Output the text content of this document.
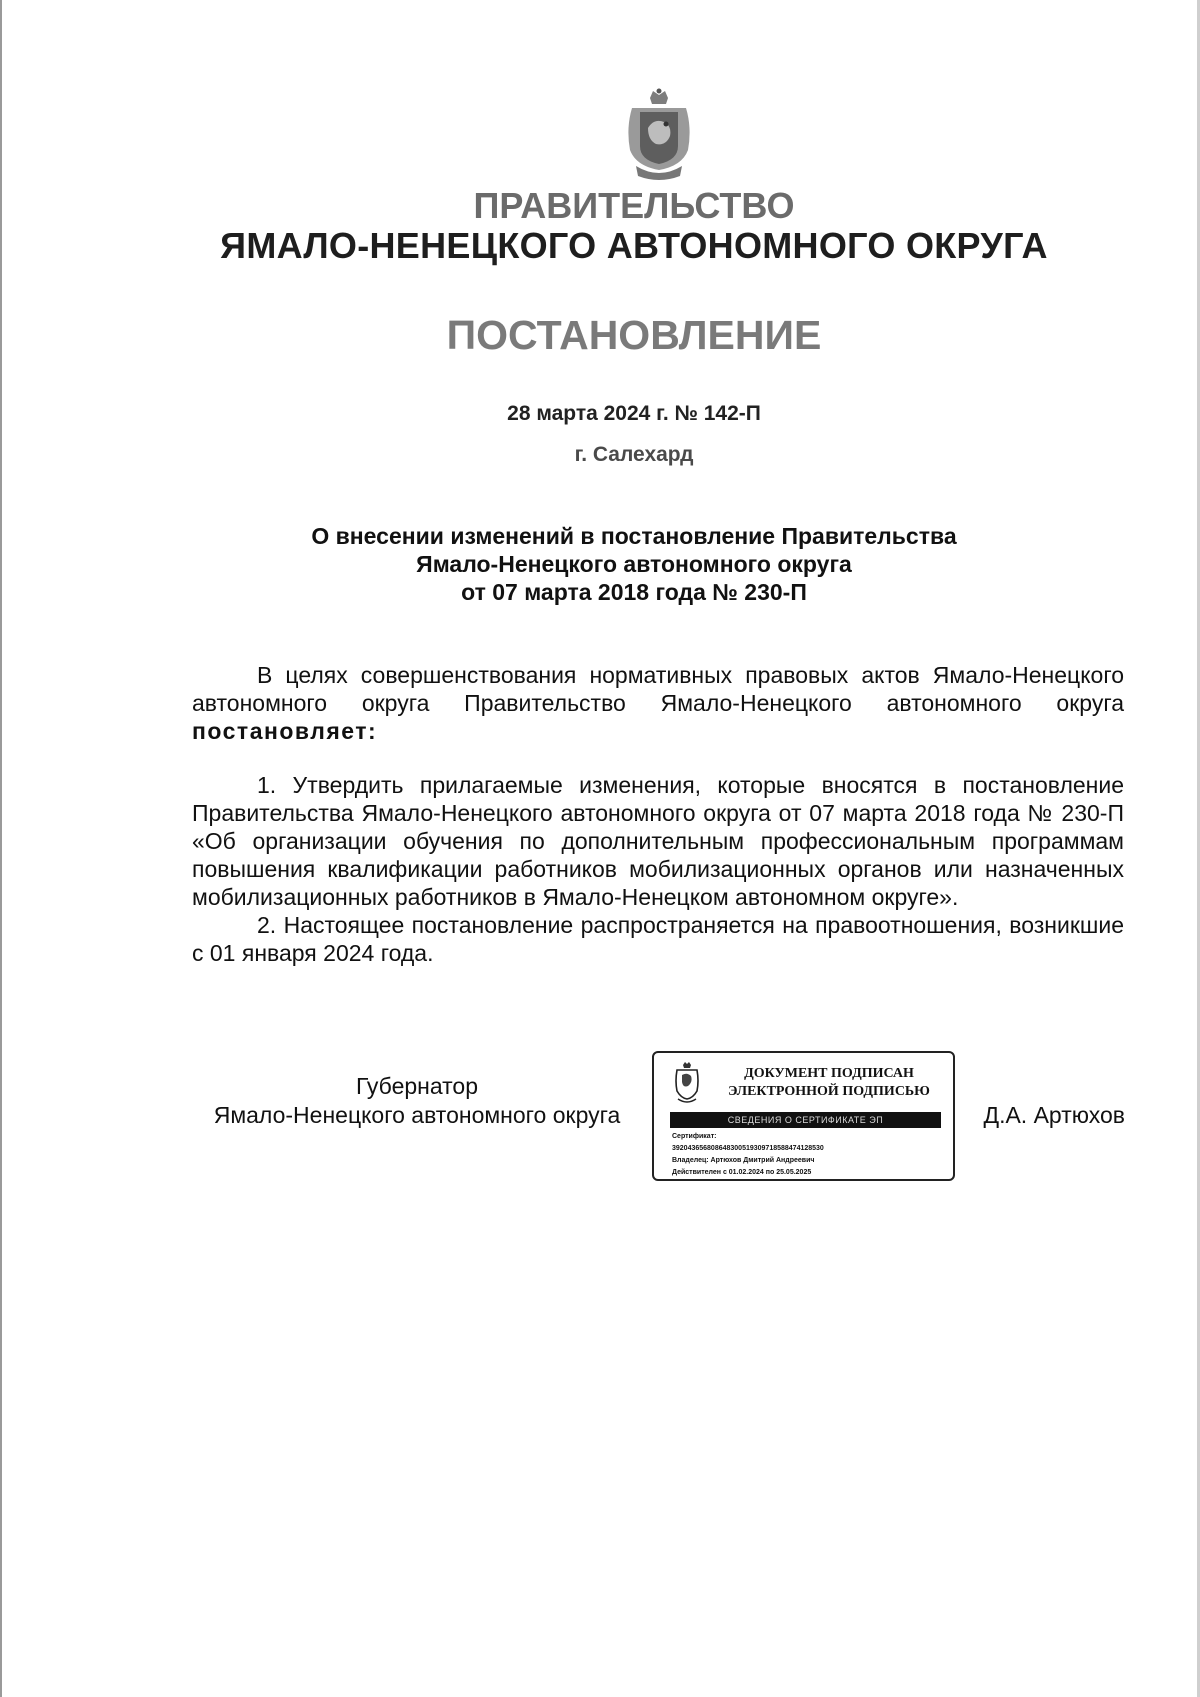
ПРАВИТЕЛЬСТВО
ЯМАЛО-НЕНЕЦКОГО АВТОНОМНОГО ОКРУГА
ПОСТАНОВЛЕНИЕ
28 марта 2024 г. № 142-П
г. Салехард
О внесении изменений в постановление Правительства
Ямало-Ненецкого автономного округа
от 07 марта 2018 года № 230-П

В целях совершенствования нормативных правовых актов Ямало-Ненецкого автономного округа Правительство Ямало-Ненецкого автономного округа постановляет:

1. Утвердить прилагаемые изменения, которые вносятся в постановление Правительства Ямало-Ненецкого автономного округа от 07 марта 2018 года № 230-П «Об организации обучения по дополнительным профессиональным программам повышения квалификации работников мобилизационных органов или назначенных мобилизационных работников в Ямало-Ненецком автономном округе».

2. Настоящее постановление распространяется на правоотношения, возникшие с 01 января 2024 года.

Губернатор
Ямало-Ненецкого автономного округа
ДОКУМЕНТ ПОДПИСАН
ЭЛЕКТРОННОЙ ПОДПИСЬЮ
СВЕДЕНИЯ О СЕРТИФИКАТЕ ЭП
Сертификат:
392043656808648300519309718588474128530
Владелец: Артюхов Дмитрий Андреевич
Действителен с 01.02.2024 по 25.05.2025
Д.А. Артюхов
